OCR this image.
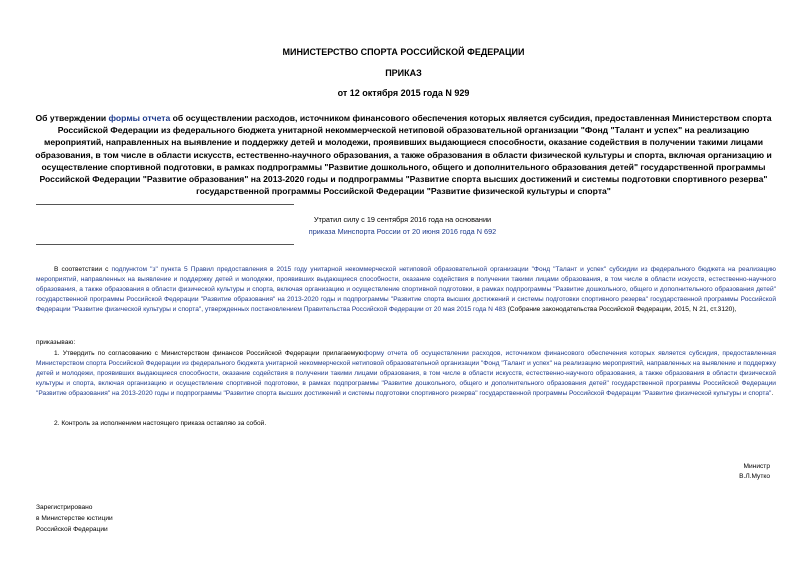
МИНИСТЕРСТВО СПОРТА РОССИЙСКОЙ ФЕДЕРАЦИИ
ПРИКАЗ
от 12 октября 2015 года N 929
Об утверждении формы отчета об осуществлении расходов, источником финансового обеспечения которых является субсидия, предоставленная Министерством спорта Российской Федерации из федерального бюджета унитарной некоммерческой нетиповой образовательной организации "Фонд "Талант и успех" на реализацию мероприятий, направленных на выявление и поддержку детей и молодежи, проявивших выдающиеся способности, оказание содействия в получении такими лицами образования, в том числе в области искусств, естественно-научного образования, а также образования в области физической культуры и спорта, включая организацию и осуществление спортивной подготовки, в рамках подпрограммы "Развитие дошкольного, общего и дополнительного образования детей" государственной программы Российской Федерации "Развитие образования" на 2013-2020 годы и подпрограммы "Развитие спорта высших достижений и системы подготовки спортивного резерва" государственной программы Российской Федерации "Развитие физической культуры и спорта"
Утратил силу с 19 сентября 2016 года на основании
приказа Минспорта России от 20 июня 2016 года N 692
В соответствии с подпунктом "з" пункта 5 Правил предоставления в 2015 году унитарной некоммерческой нетиповой образовательной организации "Фонд "Талант и успех" субсидии из федерального бюджета на реализацию мероприятий, направленных на выявление и поддержку детей и молодежи, проявивших выдающиеся способности, оказание содействия в получении такими лицами образования, в том числе в области искусств, естественно-научного образования, а также образования в области физической культуры и спорта, включая организацию и осуществление спортивной подготовки, в рамках подпрограммы "Развитие дошкольного, общего и дополнительного образования детей" государственной программы Российской Федерации "Развитие образования" на 2013-2020 годы и подпрограммы "Развитие спорта высших достижений и системы подготовки спортивного резерва" государственной программы Российской Федерации "Развитие физической культуры и спорта", утвержденных постановлением Правительства Российской Федерации от 20 мая 2015 года N 483 (Собрание законодательства Российской Федерации, 2015, N 21, ст.3120),
приказываю:
1. Утвердить по согласованию с Министерством финансов Российской Федерации прилагаемуюформу отчета об осуществлении расходов, источником финансового обеспечения которых является субсидия, предоставленная Министерством спорта Российской Федерации из федерального бюджета унитарной некоммерческой нетиповой образовательной организации "Фонд "Талант и успех" на реализацию мероприятий, направленных на выявление и поддержку детей и молодежи, проявивших выдающиеся способности, оказание содействия в получении такими лицами образования, в том числе в области искусств, естественно-научного образования, а также образования в области физической культуры и спорта, включая организацию и осуществление спортивной подготовки, в рамках подпрограммы "Развитие дошкольного, общего и дополнительного образования детей" государственной программы Российской Федерации "Развитие образования" на 2013-2020 годы и подпрограммы "Развитие спорта высших достижений и системы подготовки спортивного резерва" государственной программы Российской Федерации "Развитие физической культуры и спорта".
2. Контроль за исполнением настоящего приказа оставляю за собой.
Министр
В.Л.Мутко
Зарегистрировано
в Министерстве юстиции
Российской Федерации
